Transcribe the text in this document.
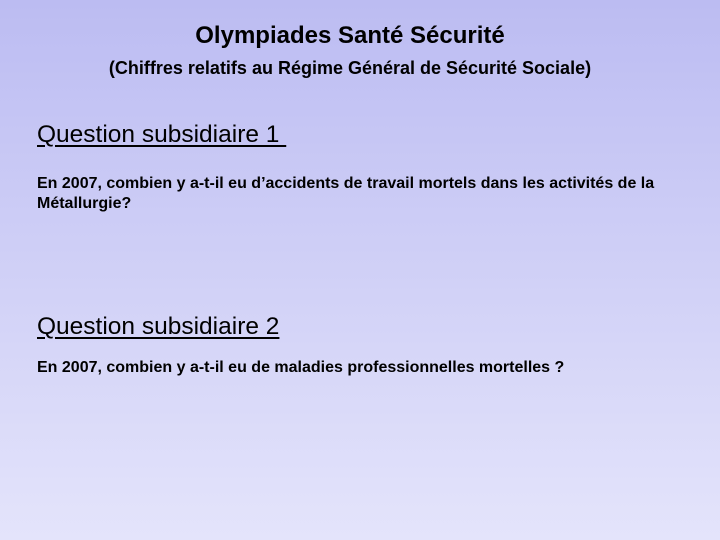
Olympiades Santé Sécurité
(Chiffres relatifs au Régime Général de Sécurité Sociale)
Question subsidiaire 1
En 2007, combien y a-t-il eu d’accidents de travail mortels dans les activités de la Métallurgie?
Question subsidiaire 2
En 2007, combien y a-t-il eu de maladies professionnelles mortelles ?
